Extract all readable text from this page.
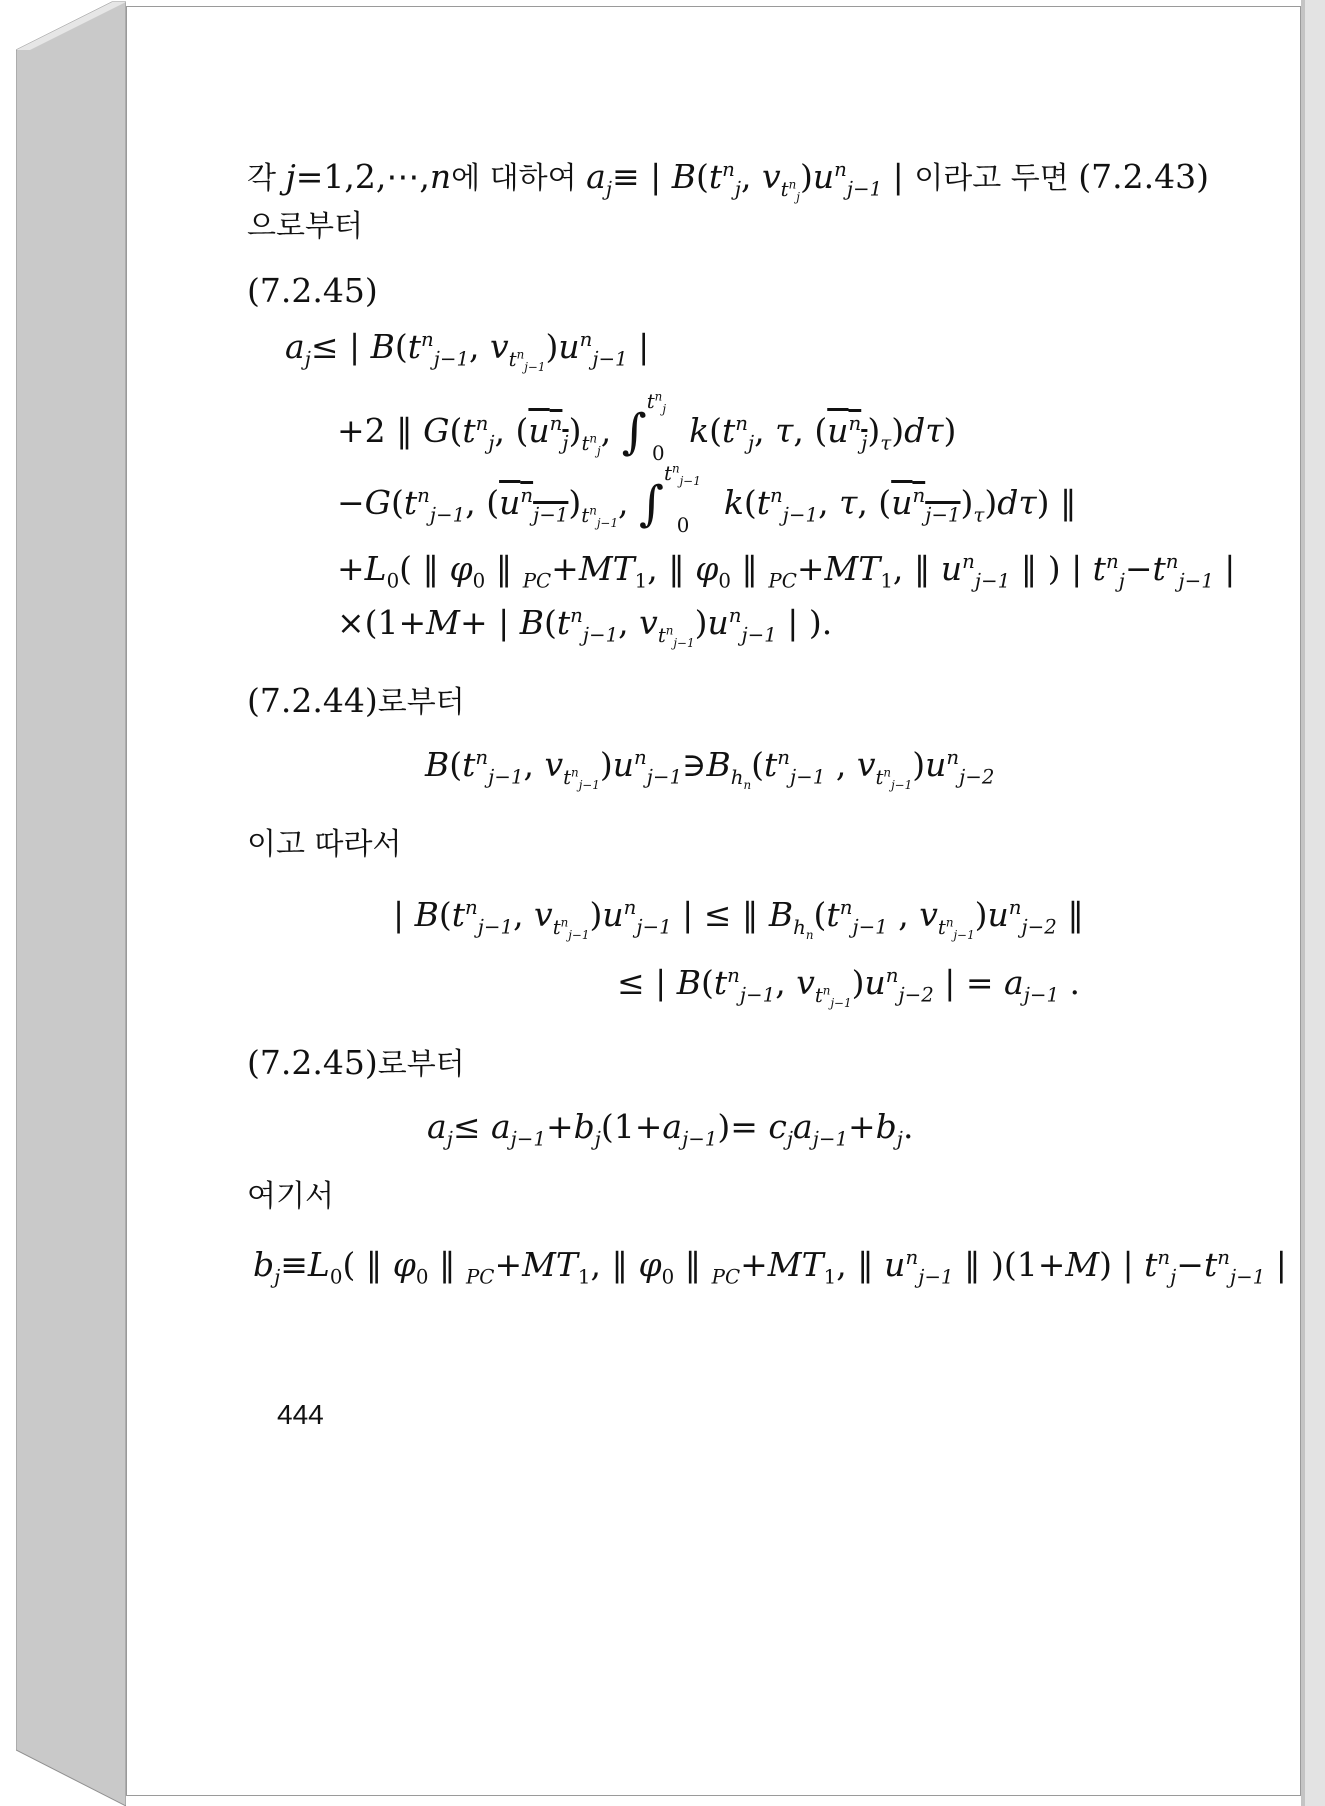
각 j=1,2,⋯,n에 대하여 $a_j\equiv$ | $B(t^n_j$, $v_{t^n_j})u^n_{j-1}$ | 이라고 두면 (7.2.43)
으로부터
(7.2.45)
$a_j\le$ | $B(t^n_{j-1}$, $v_{t^n_{j-1}})u^n_{j-1}$ |
+2 ‖ $G(t^n_j$, $(u^n_j)_{t^n_j}$, ∫$^{t^n_j}_0$ $k(t^n_j$, τ, $(u^n_j)_\tau)d\tau$)
$-G(t^n_{j-1}$, $(u^n_{j-1})_{t^n_{j-1}}$, ∫$^{t^n_{j-1}}_0$ $k(t^n_{j-1}$, τ, $(u^n_{j-1})_\tau)d\tau$) ‖
$+L_0$( ‖ $\varphi_0$ ‖ $_{PC}+MT_1$, ‖ $\varphi_0$ ‖ $_{PC}+MT_1$, ‖ $u^n_{j-1}$ ‖ ) | $t^n_j-t^n_{j-1}$ |
×(1+M+ | $B(t^n_{j-1}$, $v_{t^n_{j-1}})u^n_{j-1}$ | ).
(7.2.44)로부터
$B(t^n_{j-1}$, $v_{t^n_{j-1}})u^n_{j-1}∋B_{h_n}(t^n_{j-1}$ , $v_{t^n_{j-1}})u^n_{j-2}$
이고 따라서
| $B(t^n_{j-1}$, $v_{t^n_{j-1}})u^n_{j-1}$ | ≤ ‖ $B_{h_n}(t^n_{j-1}$ , $v_{t^n_{j-1}})u^n_{j-2}$ ‖
≤ | $B(t^n_{j-1}$, $v_{t^n_{j-1}})u^n_{j-2}$ | = $a_{j-1}$ .
(7.2.45)로부터
$a_j\le a_{j-1}+b_j(1+a_{j-1})= c_ja_{j-1}+b_j$.
여기서
$b_j\equiv L_0$( ‖ $\varphi_0$ ‖ $_{PC}+MT_1$, ‖ $\varphi_0$ ‖ $_{PC}+MT_1$, ‖ $u^n_{j-1}$ ‖ )(1+M) | $t^n_j-t^n_{j-1}$ |
444
